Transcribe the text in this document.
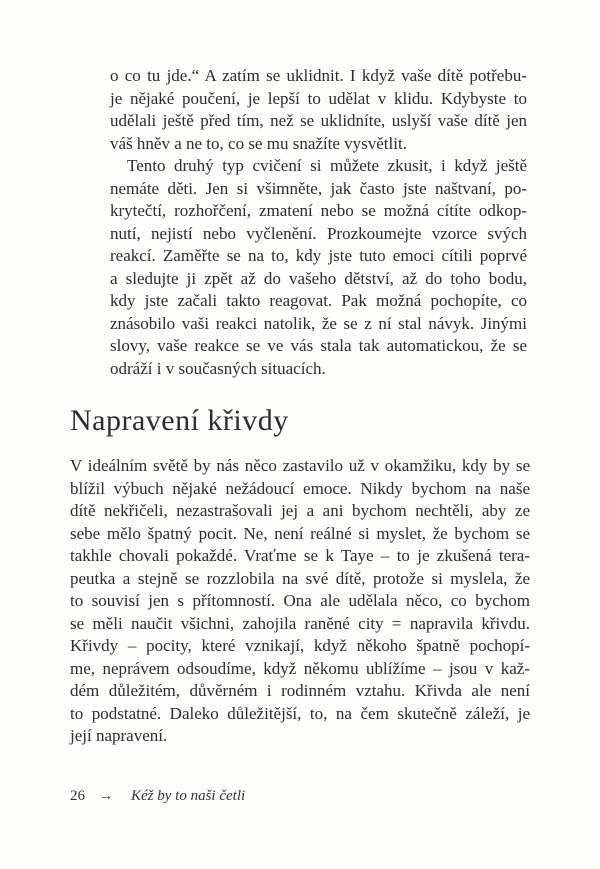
o co tu jde.“ A zatím se uklidnit. I když vaše dítě potřebu-
je nějaké poučení, je lepší to udělat v klidu. Kdybyste to
udělali ještě před tím, než se uklidníte, uslyší vaše dítě jen
váš hněv a ne to, co se mu snažíte vysvětlit.
Tento druhý typ cvičení si můžete zkusit, i když ještě
nemáte děti. Jen si všimněte, jak často jste naštvaní, po-
krytečtí, rozhořčení, zmatení nebo se možná cítíte odkop-
nutí, nejistí nebo vyčlenění. Prozkoumejte vzorce svých
reakcí. Zaměřte se na to, kdy jste tuto emoci cítili poprvé
a sledujte ji zpět až do vašeho dětství, až do toho bodu,
kdy jste začali takto reagovat. Pak možná pochopíte, co
znásobilo vaši reakci natolik, že se z ní stal návyk. Jinými
slovy, vaše reakce se ve vás stala tak automatickou, že se
odráží i v současných situacích.
Napravení křivdy
V ideálním světě by nás něco zastavilo už v okamžiku, kdy by se
blížil výbuch nějaké nežádoucí emoce. Nikdy bychom na naše
dítě nekřičeli, nezastrašovali jej a ani bychom nechtěli, aby ze
sebe mělo špatný pocit. Ne, není reálné si myslet, že bychom se
takhle chovali pokaždé. Vraťme se k Taye – to je zkušená tera-
peutka a stejně se rozzlobila na své dítě, protože si myslela, že
to souvisí jen s přítomností. Ona ale udělala něco, co bychom
se měli naučit všichni, zahojila raněné city = napravila křivdu.
Křivdy – pocity, které vznikají, když někoho špatně pochopí-
me, neprávem odsoudíme, když někomu ublížíme – jsou v kaž-
dém důležitém, důvěrném i rodinném vztahu. Křivda ale není
to podstatné. Daleko důležitější, to, na čem skutečně záleží, je
její napravení.
26 → Kéž by to naši četli
